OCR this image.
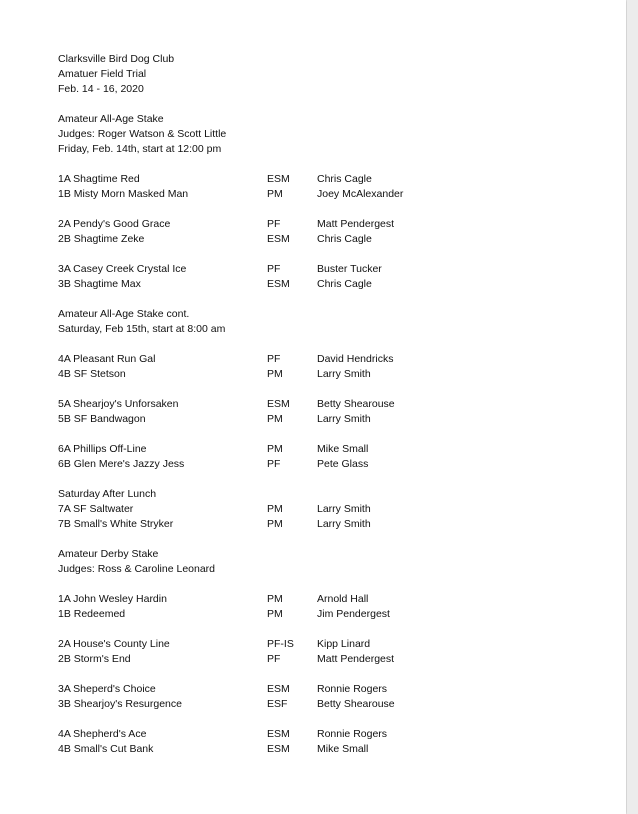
Clarksville Bird Dog Club
Amatuer Field Trial
Feb. 14 - 16, 2020
Amateur All-Age Stake
Judges: Roger Watson & Scott Little
Friday, Feb. 14th, start at 12:00 pm
1A Shagtime Red	ESM	Chris Cagle
1B Misty Morn Masked Man	PM	Joey McAlexander
2A Pendy's Good Grace	PF	Matt Pendergest
2B Shagtime Zeke	ESM	Chris Cagle
3A Casey Creek Crystal Ice	PF	Buster Tucker
3B Shagtime Max	ESM	Chris Cagle
Amateur All-Age Stake cont.
Saturday, Feb 15th, start at 8:00 am
4A Pleasant Run Gal	PF	David Hendricks
4B SF Stetson	PM	Larry Smith
5A Shearjoy's Unforsaken	ESM	Betty Shearouse
5B SF Bandwagon	PM	Larry Smith
6A Phillips Off-Line	PM	Mike Small
6B Glen Mere's Jazzy Jess	PF	Pete Glass
Saturday After Lunch
7A SF Saltwater	PM	Larry Smith
7B Small's White Stryker	PM	Larry Smith
Amateur Derby Stake
Judges: Ross & Caroline Leonard
1A John Wesley Hardin	PM	Arnold Hall
1B Redeemed	PM	Jim Pendergest
2A House's County Line	PF-IS Kipp Linard
2B Storm's End	PF	Matt Pendergest
3A Sheperd's Choice	ESM	Ronnie Rogers
3B Shearjoy's Resurgence	ESF	Betty Shearouse
4A Shepherd's Ace	ESM	Ronnie Rogers
4B Small's Cut Bank	ESM	Mike Small
